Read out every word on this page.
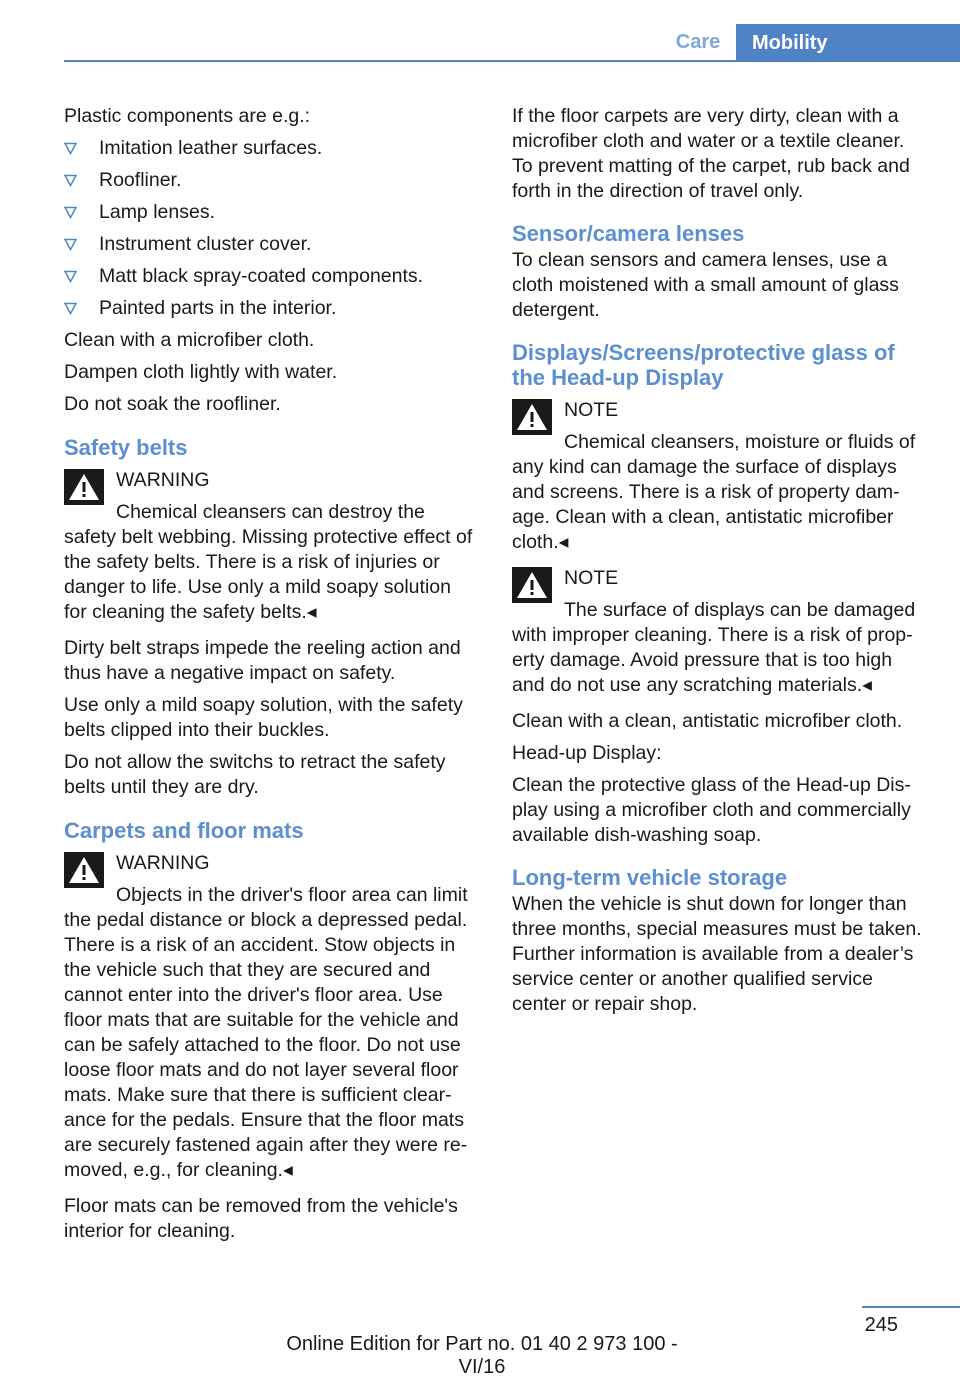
Care	Mobility

Plastic components are e.g.:

Imitation leather surfaces.
Roofliner.
Lamp lenses.
Instrument cluster cover.
Matt black spray-coated components.
Painted parts in the interior.

Clean with a microfiber cloth.

Dampen cloth lightly with water.

Do not soak the roofliner.

Safety belts
WARNING
Chemical cleansers can destroy the
safety belt webbing. Missing protective effect of the safety belts. There is a risk of injuries or danger to life. Use only a mild soapy solution for cleaning the safety belts.◂

Dirty belt straps impede the reeling action and thus have a negative impact on safety.

Use only a mild soapy solution, with the safety belts clipped into their buckles.

Do not allow the switchs to retract the safety belts until they are dry.

Carpets and floor mats
WARNING
Objects in the driver's floor area can limit
the pedal distance or block a depressed pedal. There is a risk of an accident. Stow objects in the vehicle such that they are secured and cannot enter into the driver's floor area. Use floor mats that are suitable for the vehicle and can be safely attached to the floor. Do not use loose floor mats and do not layer several floor mats. Make sure that there is sufficient clear-ance for the pedals. Ensure that the floor mats are securely fastened again after they were re-moved, e.g., for cleaning.◂

Floor mats can be removed from the vehicle's interior for cleaning.

If the floor carpets are very dirty, clean with a microfiber cloth and water or a textile cleaner. To prevent matting of the carpet, rub back and forth in the direction of travel only.

Sensor/camera lenses

To clean sensors and camera lenses, use a cloth moistened with a small amount of glass detergent.

Displays/Screens/protective glass of the Head-up Display
NOTE
Chemical cleansers, moisture or fluids of
any kind can damage the surface of displays and screens. There is a risk of property dam-age. Clean with a clean, antistatic microfiber cloth.◂
NOTE
The surface of displays can be damaged
with improper cleaning. There is a risk of prop-erty damage. Avoid pressure that is too high and do not use any scratching materials.◂

Clean with a clean, antistatic microfiber cloth.

Head-up Display:

Clean the protective glass of the Head-up Dis-play using a microfiber cloth and commercially available dish-washing soap.

Long-term vehicle storage

When the vehicle is shut down for longer than three months, special measures must be taken. Further information is available from a dealer’s service center or another qualified service center or repair shop.

245
Online Edition for Part no. 01 40 2 973 100 - VI/16
